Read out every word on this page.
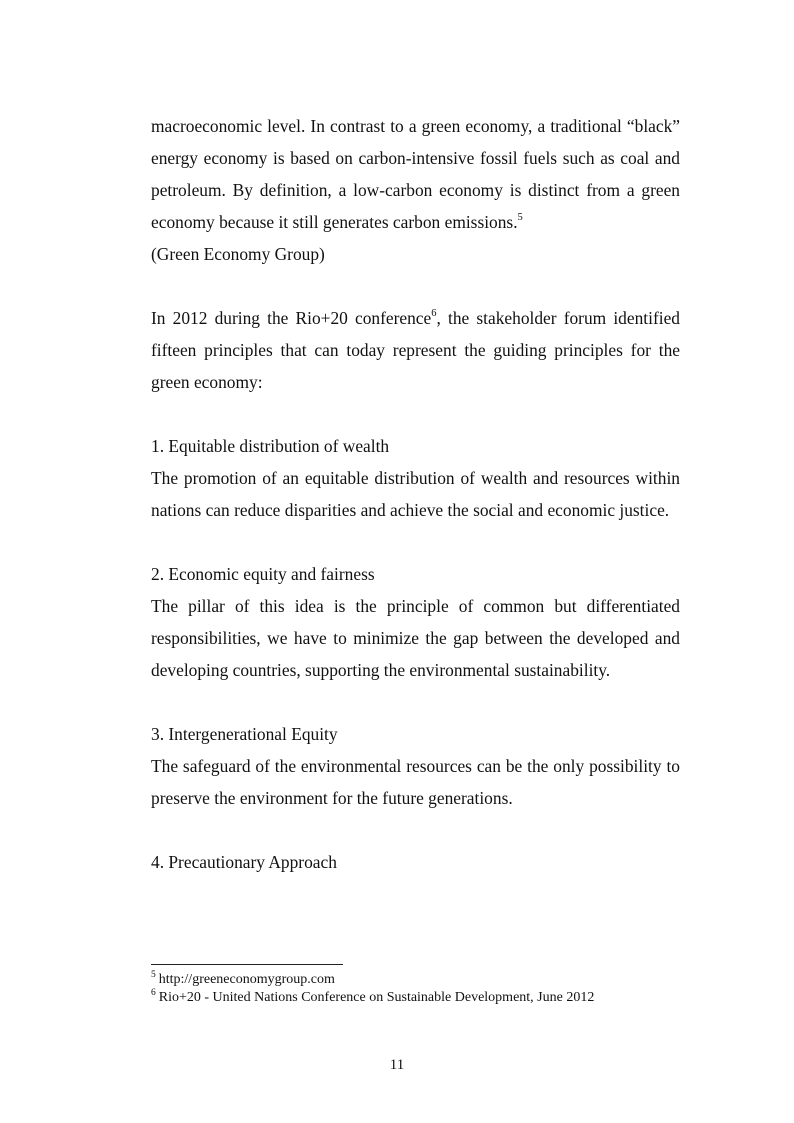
macroeconomic level. In contrast to a green economy, a traditional “black” energy economy is based on carbon-intensive fossil fuels such as coal and petroleum. By definition, a low-carbon economy is distinct from a green economy because it still generates carbon emissions.$^5$

(Green Economy Group)

In 2012 during the Rio+20 conference$^6$, the stakeholder forum identified fifteen principles that can today represent the guiding principles for the green economy:

1. Equitable distribution of wealth

The promotion of an equitable distribution of wealth and resources within nations can reduce disparities and achieve the social and economic justice.

2. Economic equity and fairness

The pillar of this idea is the principle of common but differentiated responsibilities, we have to minimize the gap between the developed and developing countries, supporting the environmental sustainability.

3. Intergenerational Equity

The safeguard of the environmental resources can be the only possibility to preserve the environment for the future generations.

4. Precautionary Approach

$^5$ http://greeneconomygroup.com

$^6$ Rio+20 - United Nations Conference on Sustainable Development, June 2012

11
